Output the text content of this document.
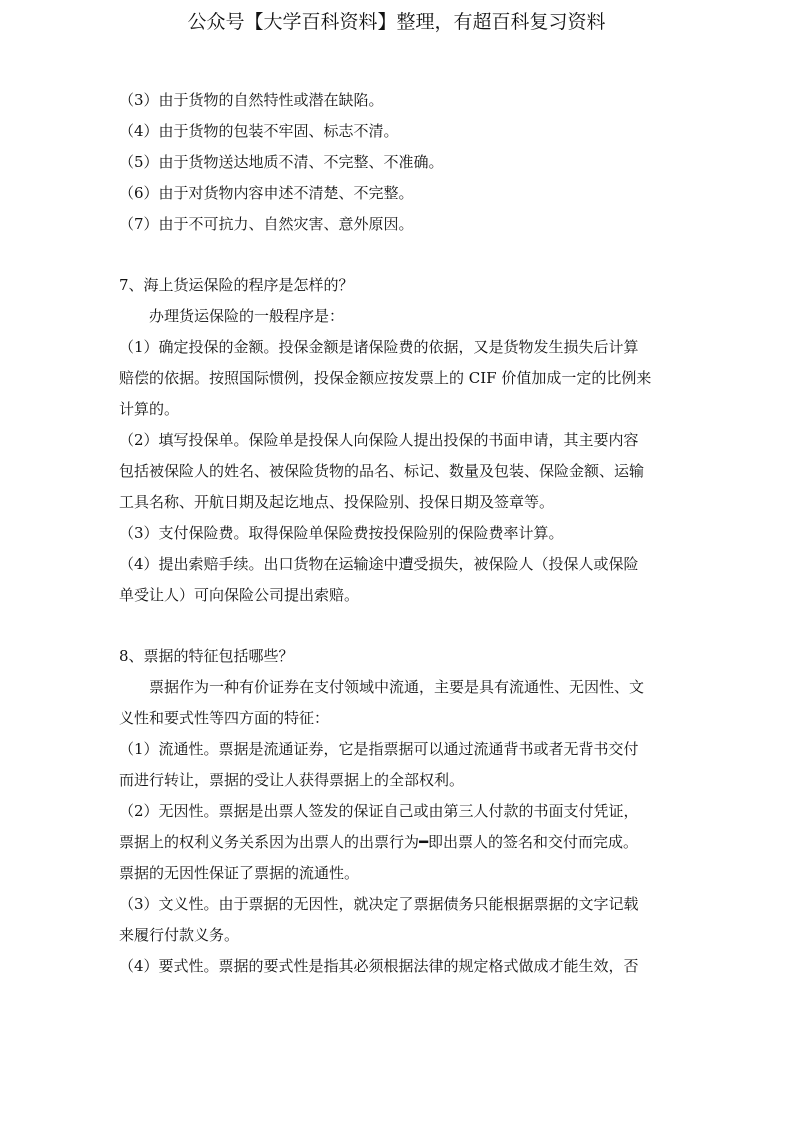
公众号【大学百科资料】整理，有超百科复习资料
（3）由于货物的自然特性或潜在缺陷。
（4）由于货物的包装不牢固、标志不清。
（5）由于货物送达地质不清、不完整、不准确。
（6）由于对货物内容申述不清楚、不完整。
（7）由于不可抗力、自然灾害、意外原因。
7、海上货运保险的程序是怎样的？
办理货运保险的一般程序是：
（1）确定投保的金额。投保金额是诸保险费的依据，又是货物发生损失后计算
赔偿的依据。按照国际惯例，投保金额应按发票上的 CIF 价值加成一定的比例来
计算的。
（2）填写投保单。保险单是投保人向保险人提出投保的书面申请，其主要内容
包括被保险人的姓名、被保险货物的品名、标记、数量及包装、保险金额、运输
工具名称、开航日期及起讫地点、投保险别、投保日期及签章等。
（3）支付保险费。取得保险单保险费按投保险别的保险费率计算。
（4）提出索赔手续。出口货物在运输途中遭受损失，被保险人（投保人或保险
单受让人）可向保险公司提出索赔。
8、票据的特征包括哪些？
票据作为一种有价证券在支付领域中流通，主要是具有流通性、无因性、文
义性和要式性等四方面的特征：
（1）流通性。票据是流通证券，它是指票据可以通过流通背书或者无背书交付
而进行转让，票据的受让人获得票据上的全部权利。
（2）无因性。票据是出票人签发的保证自己或由第三人付款的书面支付凭证，
票据上的权利义务关系因为出票人的出票行为━即出票人的签名和交付而完成。
票据的无因性保证了票据的流通性。
（3）文义性。由于票据的无因性，就决定了票据债务只能根据票据的文字记载
来履行付款义务。
（4）要式性。票据的要式性是指其必须根据法律的规定格式做成才能生效，否
